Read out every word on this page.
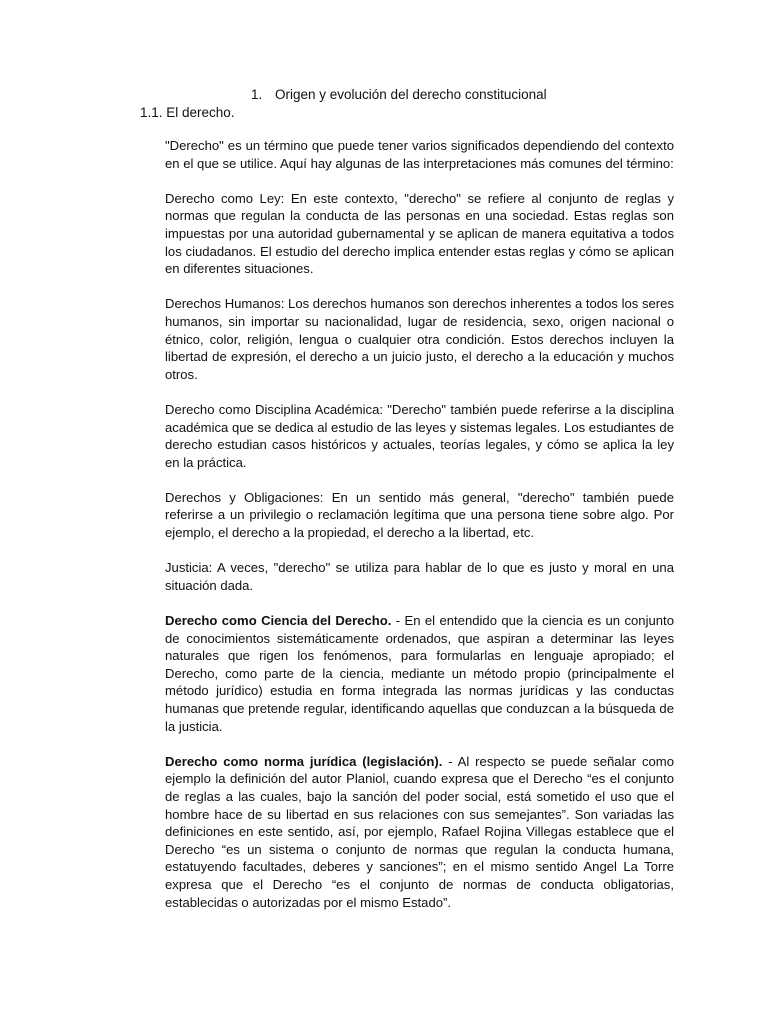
1. Origen y evolución del derecho constitucional
1.1. El derecho.

"Derecho" es un término que puede tener varios significados dependiendo del contexto en el que se utilice. Aquí hay algunas de las interpretaciones más comunes del término:

Derecho como Ley: En este contexto, "derecho" se refiere al conjunto de reglas y normas que regulan la conducta de las personas en una sociedad. Estas reglas son impuestas por una autoridad gubernamental y se aplican de manera equitativa a todos los ciudadanos. El estudio del derecho implica entender estas reglas y cómo se aplican en diferentes situaciones.

Derechos Humanos: Los derechos humanos son derechos inherentes a todos los seres humanos, sin importar su nacionalidad, lugar de residencia, sexo, origen nacional o étnico, color, religión, lengua o cualquier otra condición. Estos derechos incluyen la libertad de expresión, el derecho a un juicio justo, el derecho a la educación y muchos otros.

Derecho como Disciplina Académica: "Derecho" también puede referirse a la disciplina académica que se dedica al estudio de las leyes y sistemas legales. Los estudiantes de derecho estudian casos históricos y actuales, teorías legales, y cómo se aplica la ley en la práctica.

Derechos y Obligaciones: En un sentido más general, "derecho" también puede referirse a un privilegio o reclamación legítima que una persona tiene sobre algo. Por ejemplo, el derecho a la propiedad, el derecho a la libertad, etc.

Justicia: A veces, "derecho" se utiliza para hablar de lo que es justo y moral en una situación dada.

Derecho como Ciencia del Derecho. - En el entendido que la ciencia es un conjunto de conocimientos sistemáticamente ordenados, que aspiran a determinar las leyes naturales que rigen los fenómenos, para formularlas en lenguaje apropiado; el Derecho, como parte de la ciencia, mediante un método propio (principalmente el método jurídico) estudia en forma integrada las normas jurídicas y las conductas humanas que pretende regular, identificando aquellas que conduzcan a la búsqueda de la justicia.

Derecho como norma jurídica (legislación). - Al respecto se puede señalar como ejemplo la definición del autor Planiol, cuando expresa que el Derecho “es el conjunto de reglas a las cuales, bajo la sanción del poder social, está sometido el uso que el hombre hace de su libertad en sus relaciones con sus semejantes”. Son variadas las definiciones en este sentido, así, por ejemplo, Rafael Rojina Villegas establece que el Derecho “es un sistema o conjunto de normas que regulan la conducta humana, estatuyendo facultades, deberes y sanciones”; en el mismo sentido Angel La Torre expresa que el Derecho “es el conjunto de normas de conducta obligatorias, establecidas o autorizadas por el mismo Estado”.
